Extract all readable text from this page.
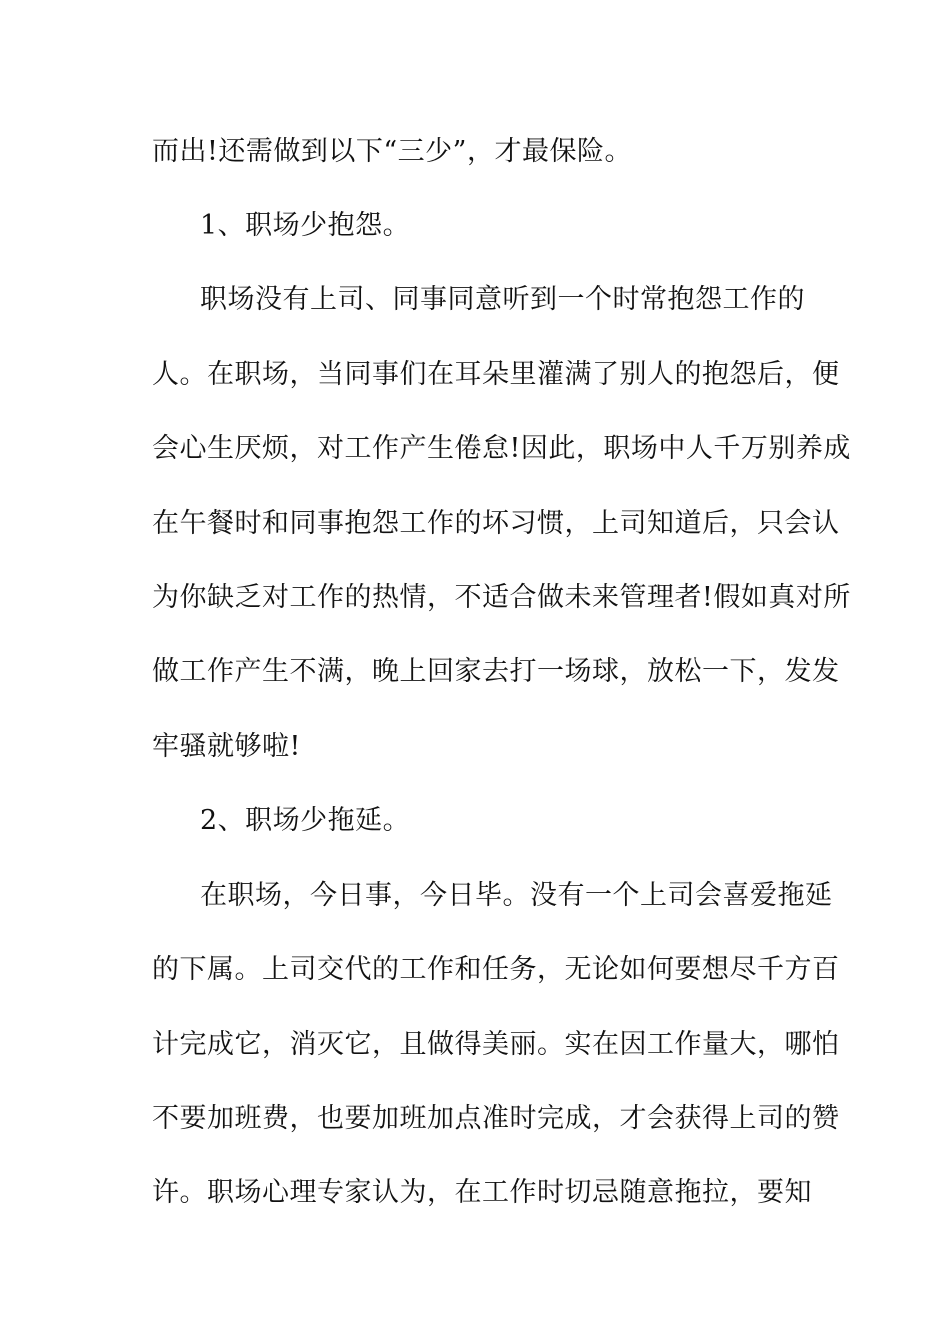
而出!还需做到以下“三少”，才最保险。
1、职场少抱怨。
职场没有上司、同事同意听到一个时常抱怨工作的
人。在职场，当同事们在耳朵里灌满了别人的抱怨后，便
会心生厌烦，对工作产生倦怠!因此，职场中人千万别养成
在午餐时和同事抱怨工作的坏习惯，上司知道后，只会认
为你缺乏对工作的热情，不适合做未来管理者!假如真对所
做工作产生不满，晚上回家去打一场球，放松一下，发发
牢骚就够啦!
2、职场少拖延。
在职场，今日事，今日毕。没有一个上司会喜爱拖延
的下属。上司交代的工作和任务，无论如何要想尽千方百
计完成它，消灭它，且做得美丽。实在因工作量大，哪怕
不要加班费，也要加班加点准时完成，才会获得上司的赞
许。职场心理专家认为，在工作时切忌随意拖拉，要知
